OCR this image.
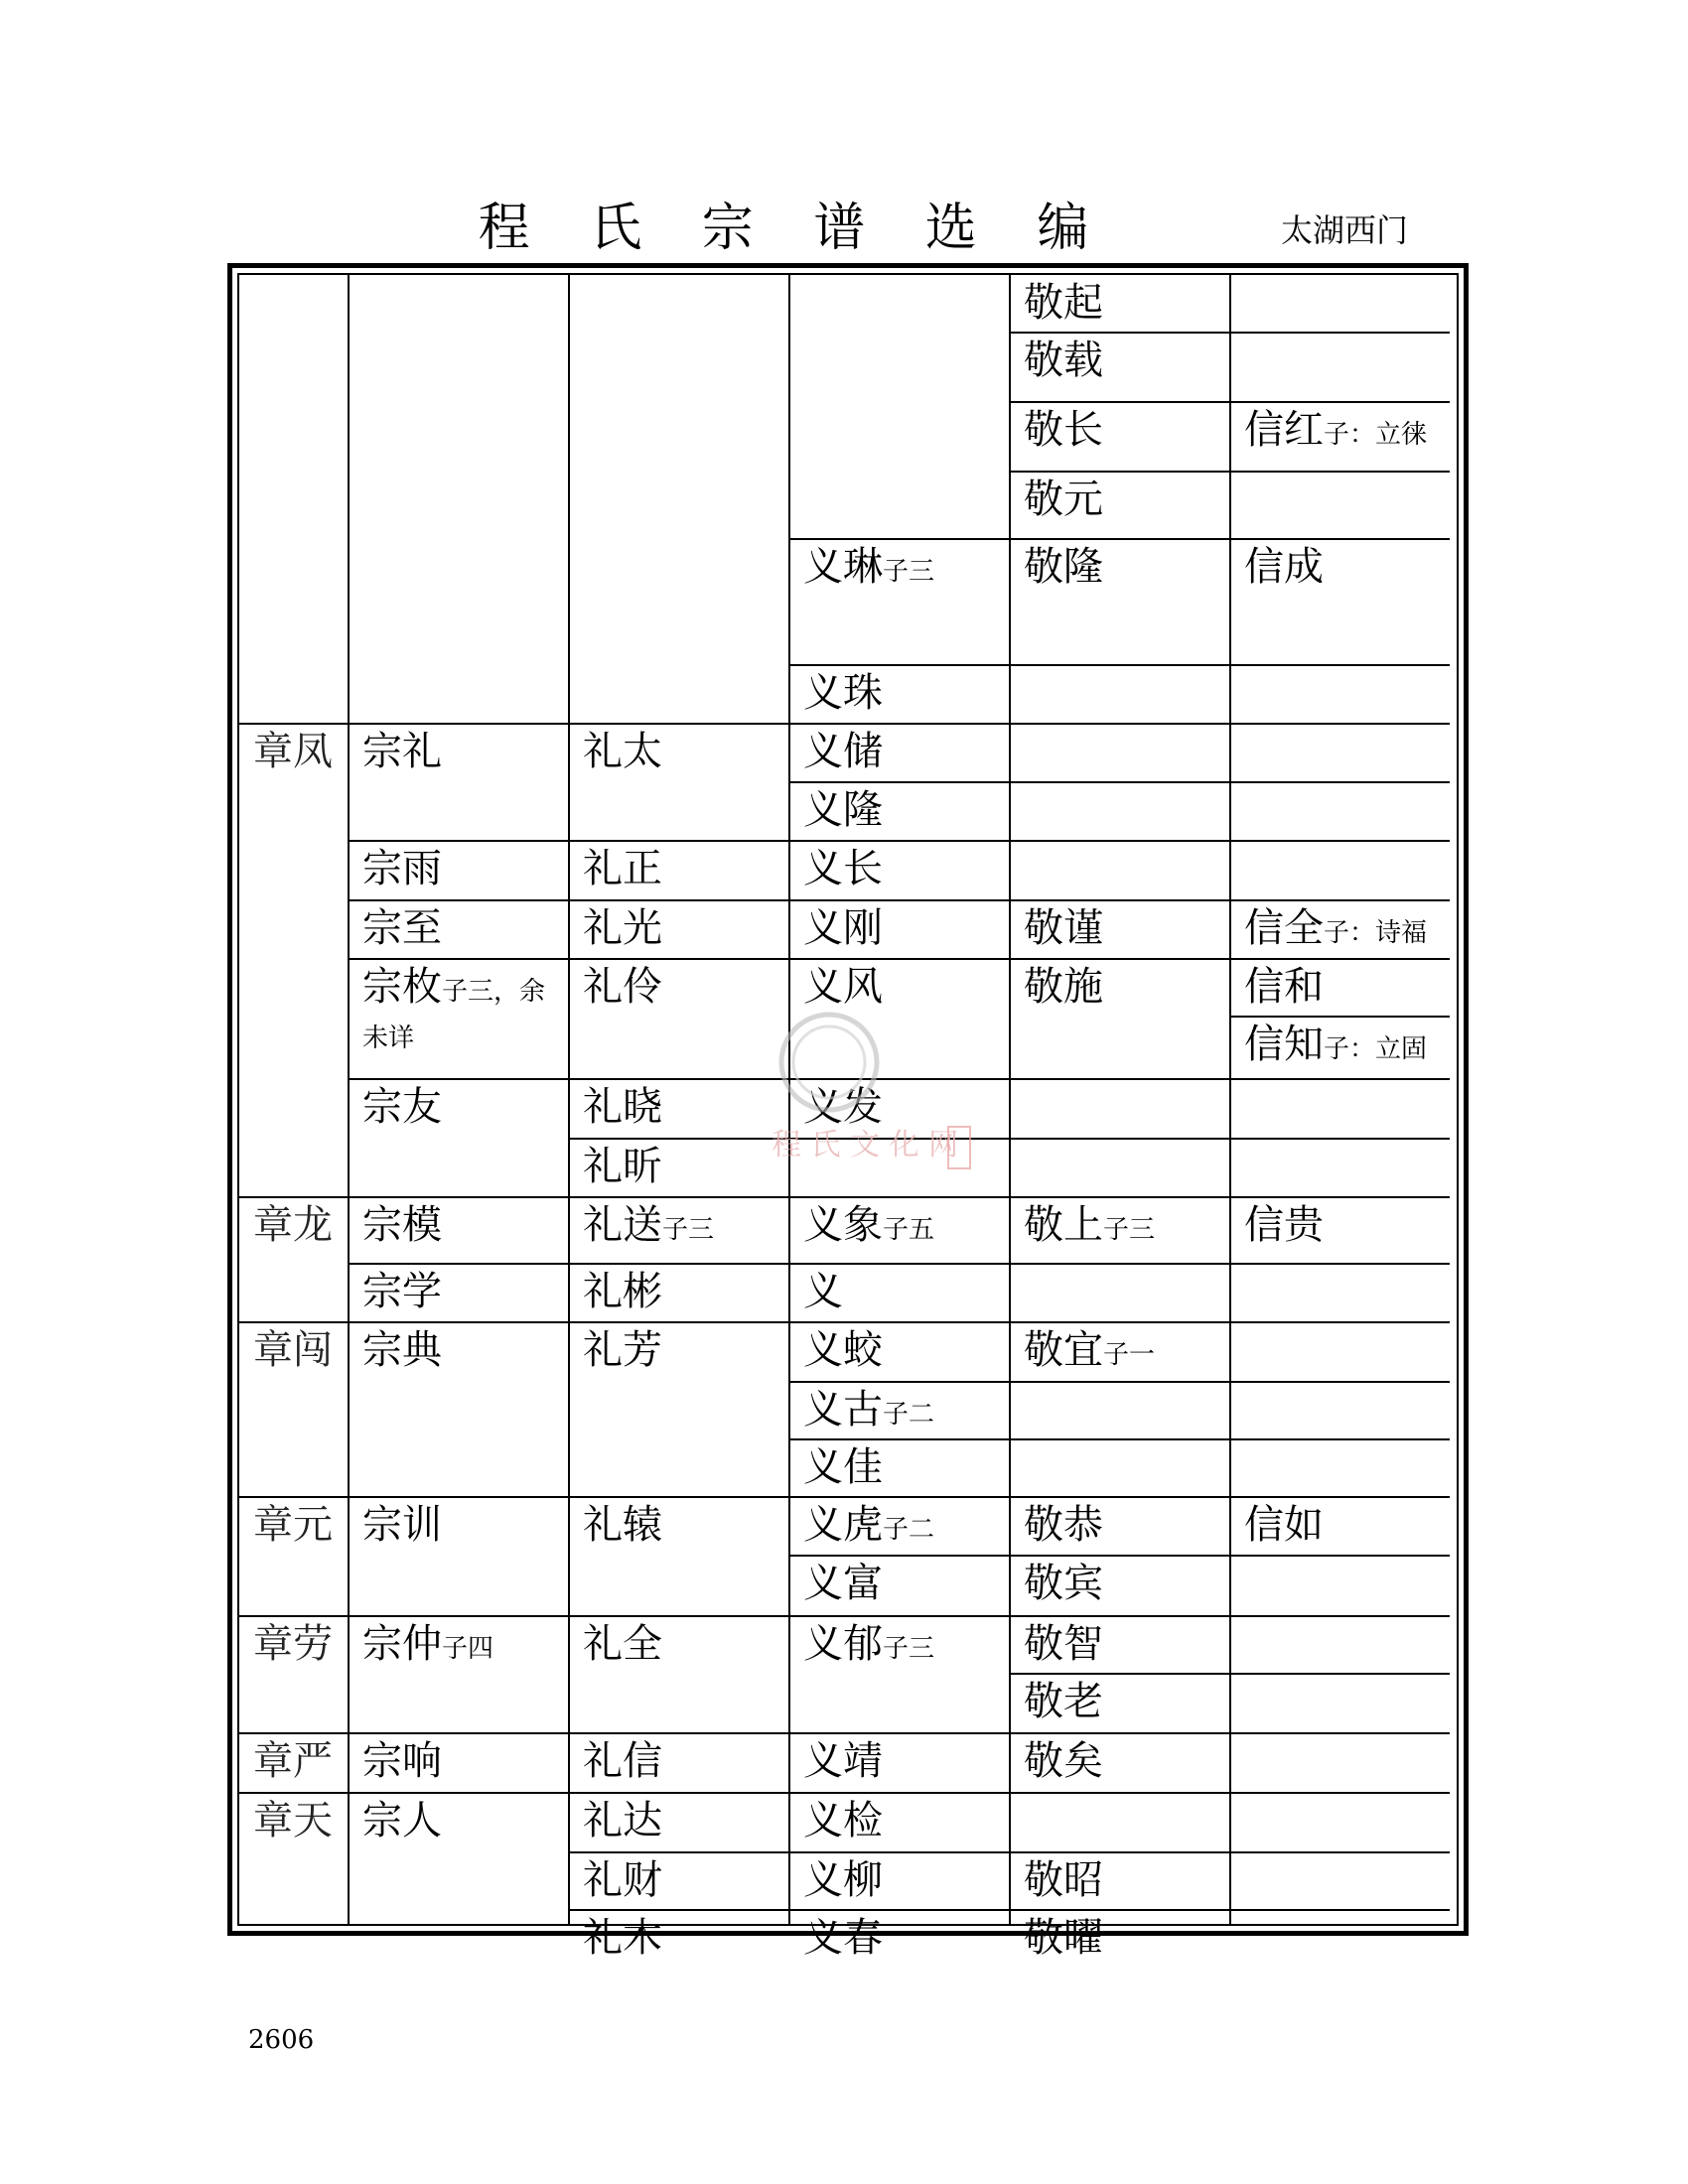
程 氏 宗 谱 选 编	太湖西门
章凤
章龙
章闯
章元
章劳
章严
章天
宗礼
宗雨
宗至
宗枚子三，余
未详
宗友
宗模
宗学
宗典
宗训
宗仲子四
宗响
宗人
礼太
礼正
礼光
礼伶
礼晓
礼昕
礼送子三
礼彬
礼芳
礼辕
礼全
礼信
礼达
礼财
礼木
义琳子三
义珠
义储
义隆
义长
义刚
义风
义发
义象子五
义
义蛟
义古子二
义佳
义虎子二
义富
义郁子三
义靖
义检
义柳
义春
敬起
敬载
敬长
敬元
敬隆
敬谨
敬施
敬上子三
敬宜子一
敬恭
敬宾
敬智
敬老
敬矣
敬昭
敬曜
信红子：立徕
信成
信全子：诗福
信和
信知子：立固
信贵
信如
程 氏 文 化 网
2606
